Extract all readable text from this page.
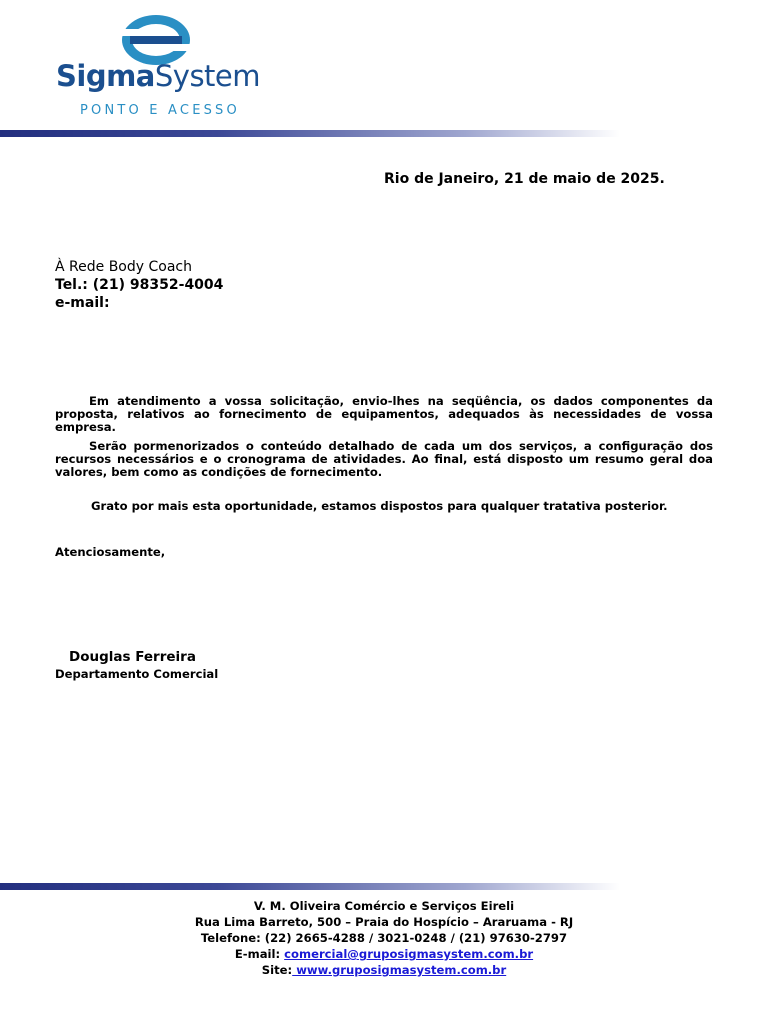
SigmaSystem
PONTO E ACESSO
Rio de Janeiro, 21 de maio de 2025.
À Rede Body Coach
Tel.: (21) 98352-4004
e-mail:
Em atendimento a vossa solicitação, envio-lhes na seqüência, os dados componentes da proposta, relativos ao fornecimento de equipamentos, adequados às necessidades de vossa empresa.
Serão pormenorizados o conteúdo detalhado de cada um dos serviços, a configuração dos recursos necessários e o cronograma de atividades. Ao final, está disposto um resumo geral doa valores, bem como as condições de fornecimento.
Grato por mais esta oportunidade, estamos dispostos para qualquer tratativa posterior.
Atenciosamente,
Douglas Ferreira
Departamento Comercial
V. M. Oliveira Comércio e Serviços Eireli
Rua Lima Barreto, 500 – Praia do Hospício – Araruama - RJ
Telefone: (22) 2665-4288 / 3021-0248 / (21) 97630-2797
E-mail: comercial@gruposigmasystem.com.br
Site: www.gruposigmasystem.com.br
